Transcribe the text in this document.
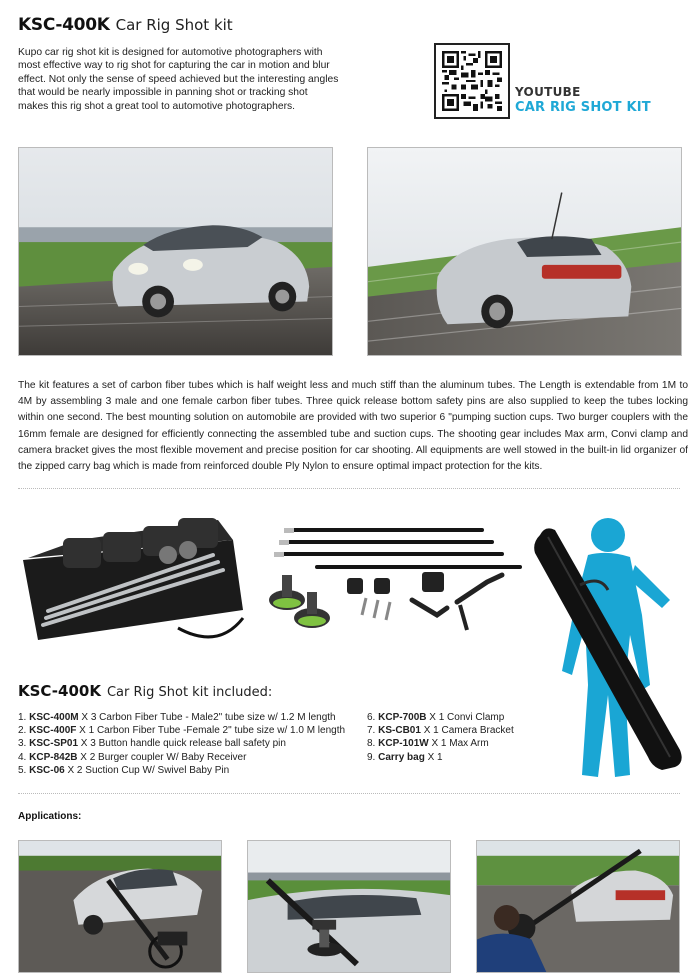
KSC-400K Car Rig Shot kit

Kupo car rig shot kit is designed for automotive photographers with most effective way to rig shot for capturing the car in motion and blur effect. Not only the sense of speed achieved but the interesting angles that would be nearly impossible in panning shot or tracking shot makes this rig shot a great tool to automotive photographers.

YOUTUBE
CAR RIG SHOT KIT

The kit features a set of carbon fiber tubes which is half weight less and much stiff than the aluminum tubes. The Length is extendable from 1M to 4M by assembling 3 male and one female carbon fiber tubes. Three quick release bottom safety pins are also supplied to keep the tubes locking within one second. The best mounting solution on automobile are provided with two superior 6 "pumping suction cups. Two burger couplers with the 16mm female are designed for efficiently connecting the assembled tube and suction cups. The shooting gear includes Max arm, Convi clamp and camera bracket gives the most flexible movement and precise position for car shooting. All equipments are well stowed in the built-in lid organizer of the zipped carry bag which is made from reinforced double Ply Nylon to ensure optimal impact protection for the kits.

KSC-400K Car Rig Shot kit included:
1. KSC-400M X 3 Carbon Fiber Tube - Male2" tube size w/ 1.2 M length
2. KSC-400F X 1 Carbon Fiber Tube -Female 2" tube size w/ 1.0 M length
3. KSC-SP01 X 3 Button handle quick release ball safety pin
4. KCP-842B X 2 Burger coupler W/ Baby Receiver
5. KSC-06 X 2 Suction Cup W/ Swivel Baby Pin
6. KCP-700B X 1 Convi Clamp
7. KS-CB01 X 1 Camera Bracket
8. KCP-101W X 1 Max Arm
9. Carry bag X 1
Applications:
